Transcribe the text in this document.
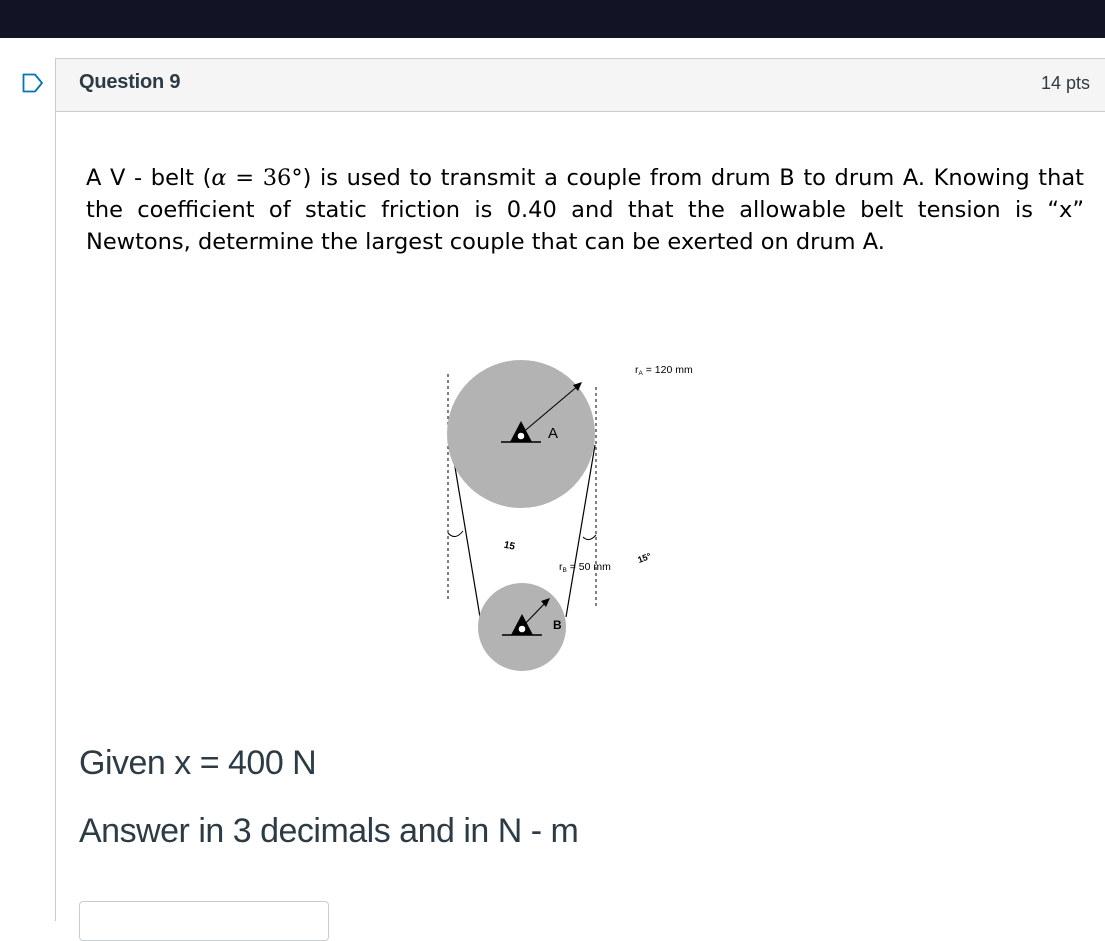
Question 9	14 pts
A V - belt (α = 36°) is used to transmit a couple from drum B to drum A. Knowing that the coefficient of static friction is 0.40 and that the allowable belt tension is “x” Newtons, determine the largest couple that can be exerted on drum A.
A
B
rA = 120 mm
rB = 50 mm
15
15°
Given x = 400 N
Answer in 3 decimals and in N - m
